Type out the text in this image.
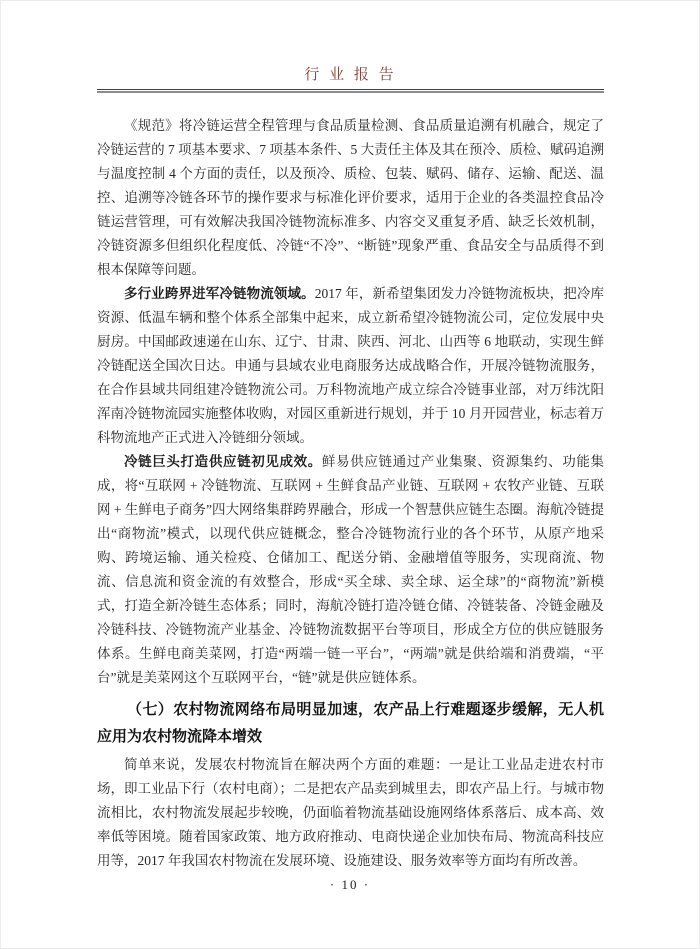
行 业 报 告

《规范》将冷链运营全程管理与食品质量检测、食品质量追溯有机融合，规定了冷链运营的 7 项基本要求、7 项基本条件、5 大责任主体及其在预冷、质检、赋码追溯与温度控制 4 个方面的责任，以及预冷、质检、包装、赋码、储存、运输、配送、温控、追溯等冷链各环节的操作要求与标准化评价要求，适用于企业的各类温控食品冷链运营管理，可有效解决我国冷链物流标准多、内容交叉重复矛盾、缺乏长效机制，冷链资源多但组织化程度低、冷链“不冷”、“断链”现象严重、食品安全与品质得不到根本保障等问题。

多行业跨界进军冷链物流领域。2017 年，新希望集团发力冷链物流板块，把冷库资源、低温车辆和整个体系全部集中起来，成立新希望冷链物流公司，定位发展中央厨房。中国邮政速递在山东、辽宁、甘肃、陕西、河北、山西等 6 地联动，实现生鲜冷链配送全国次日达。申通与县域农业电商服务达成战略合作，开展冷链物流服务，在合作县域共同组建冷链物流公司。万科物流地产成立综合冷链事业部，对万纬沈阳浑南冷链物流园实施整体收购，对园区重新进行规划，并于 10 月开园营业，标志着万科物流地产正式进入冷链细分领域。

冷链巨头打造供应链初见成效。鲜易供应链通过产业集聚、资源集约、功能集成，将“互联网 + 冷链物流、互联网 + 生鲜食品产业链、互联网 + 农牧产业链、互联网 + 生鲜电子商务”四大网络集群跨界融合，形成一个智慧供应链生态圈。海航冷链提出“商物流”模式，以现代供应链概念，整合冷链物流行业的各个环节，从原产地采购、跨境运输、通关检疫、仓储加工、配送分销、金融增值等服务，实现商流、物流、信息流和资金流的有效整合，形成“买全球、卖全球、运全球”的“商物流”新模式，打造全新冷链生态体系；同时，海航冷链打造冷链仓储、冷链装备、冷链金融及冷链科技、冷链物流产业基金、冷链物流数据平台等项目，形成全方位的供应链服务体系。生鲜电商美菜网，打造“两端一链一平台”，“两端”就是供给端和消费端，“平台”就是美菜网这个互联网平台，“链”就是供应链体系。

（七）农村物流网络布局明显加速，农产品上行难题逐步缓解，无人机应用为农村物流降本增效

简单来说，发展农村物流旨在解决两个方面的难题：一是让工业品走进农村市场，即工业品下行（农村电商）；二是把农产品卖到城里去，即农产品上行。与城市物流相比，农村物流发展起步较晚，仍面临着物流基础设施网络体系落后、成本高、效率低等困境。随着国家政策、地方政府推动、电商快递企业加快布局、物流高科技应用等，2017 年我国农村物流在发展环境、设施建设、服务效率等方面均有所改善。

· 10 ·
